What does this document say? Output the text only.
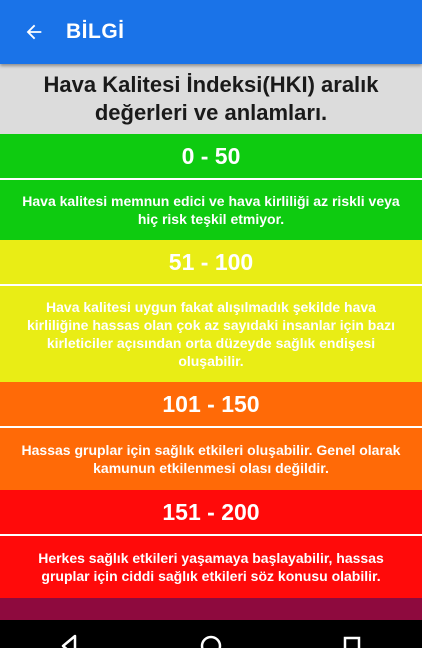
BİLGİ
Hava Kalitesi İndeksi(HKI) aralık değerleri ve anlamları.
0 - 50
Hava kalitesi memnun edici ve hava kirliliği az riskli veya hiç risk teşkil etmiyor.
51 - 100
Hava kalitesi uygun fakat alışılmadık şekilde hava kirliliğine hassas olan çok az sayıdaki insanlar için bazı kirleticiler açısından orta düzeyde sağlık endişesi oluşabilir.
101 - 150
Hassas gruplar için sağlık etkileri oluşabilir. Genel olarak kamunun etkilenmesi olası değildir.
151 - 200
Herkes sağlık etkileri yaşamaya başlayabilir, hassas gruplar için ciddi sağlık etkileri söz konusu olabilir.
